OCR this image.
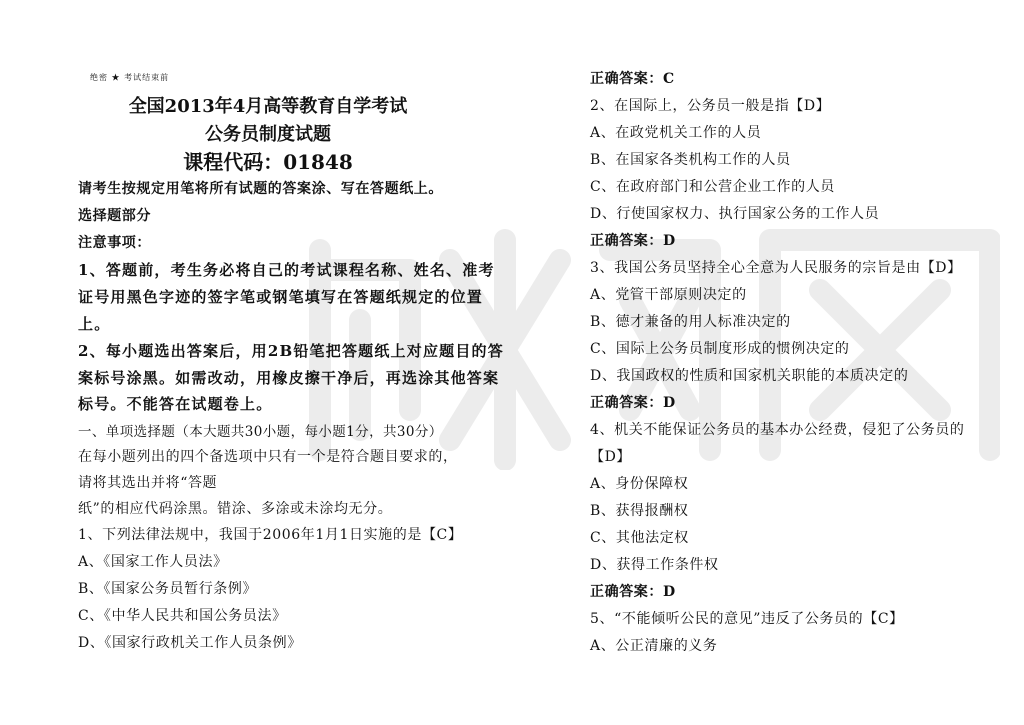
绝密 ★ 考试结束前
全国2013年4月高等教育自学考试
公务员制度试题
课程代码：01848
请考生按规定用笔将所有试题的答案涂、写在答题纸上。
选择题部分
注意事项：
1、答题前，考生务必将自己的考试课程名称、姓名、准考
证号用黑色字迹的签字笔或钢笔填写在答题纸规定的位置
上。
2、每小题选出答案后，用2B铅笔把答题纸上对应题目的答
案标号涂黑。如需改动，用橡皮擦干净后，再选涂其他答案
标号。不能答在试题卷上。
一、单项选择题（本大题共30小题，每小题1分，共30分）
在每小题列出的四个备选项中只有一个是符合题目要求的，
请将其选出并将“答题
纸”的相应代码涂黑。错涂、多涂或未涂均无分。
1、下列法律法规中，我国于2006年1月1日实施的是【C】
A、《国家工作人员法》
B、《国家公务员暂行条例》
C、《中华人民共和国公务员法》
D、《国家行政机关工作人员条例》
正确答案：C
2、在国际上，公务员一般是指【D】
A、在政党机关工作的人员
B、在国家各类机构工作的人员
C、在政府部门和公营企业工作的人员
D、行使国家权力、执行国家公务的工作人员
正确答案：D
3、我国公务员坚持全心全意为人民服务的宗旨是由【D】
A、党管干部原则决定的
B、德才兼备的用人标准决定的
C、国际上公务员制度形成的惯例决定的
D、我国政权的性质和国家机关职能的本质决定的
正确答案：D
4、机关不能保证公务员的基本办公经费，侵犯了公务员的
【D】
A、身份保障权
B、获得报酬权
C、其他法定权
D、获得工作条件权
正确答案：D
5、“不能倾听公民的意见”违反了公务员的【C】
A、公正清廉的义务
